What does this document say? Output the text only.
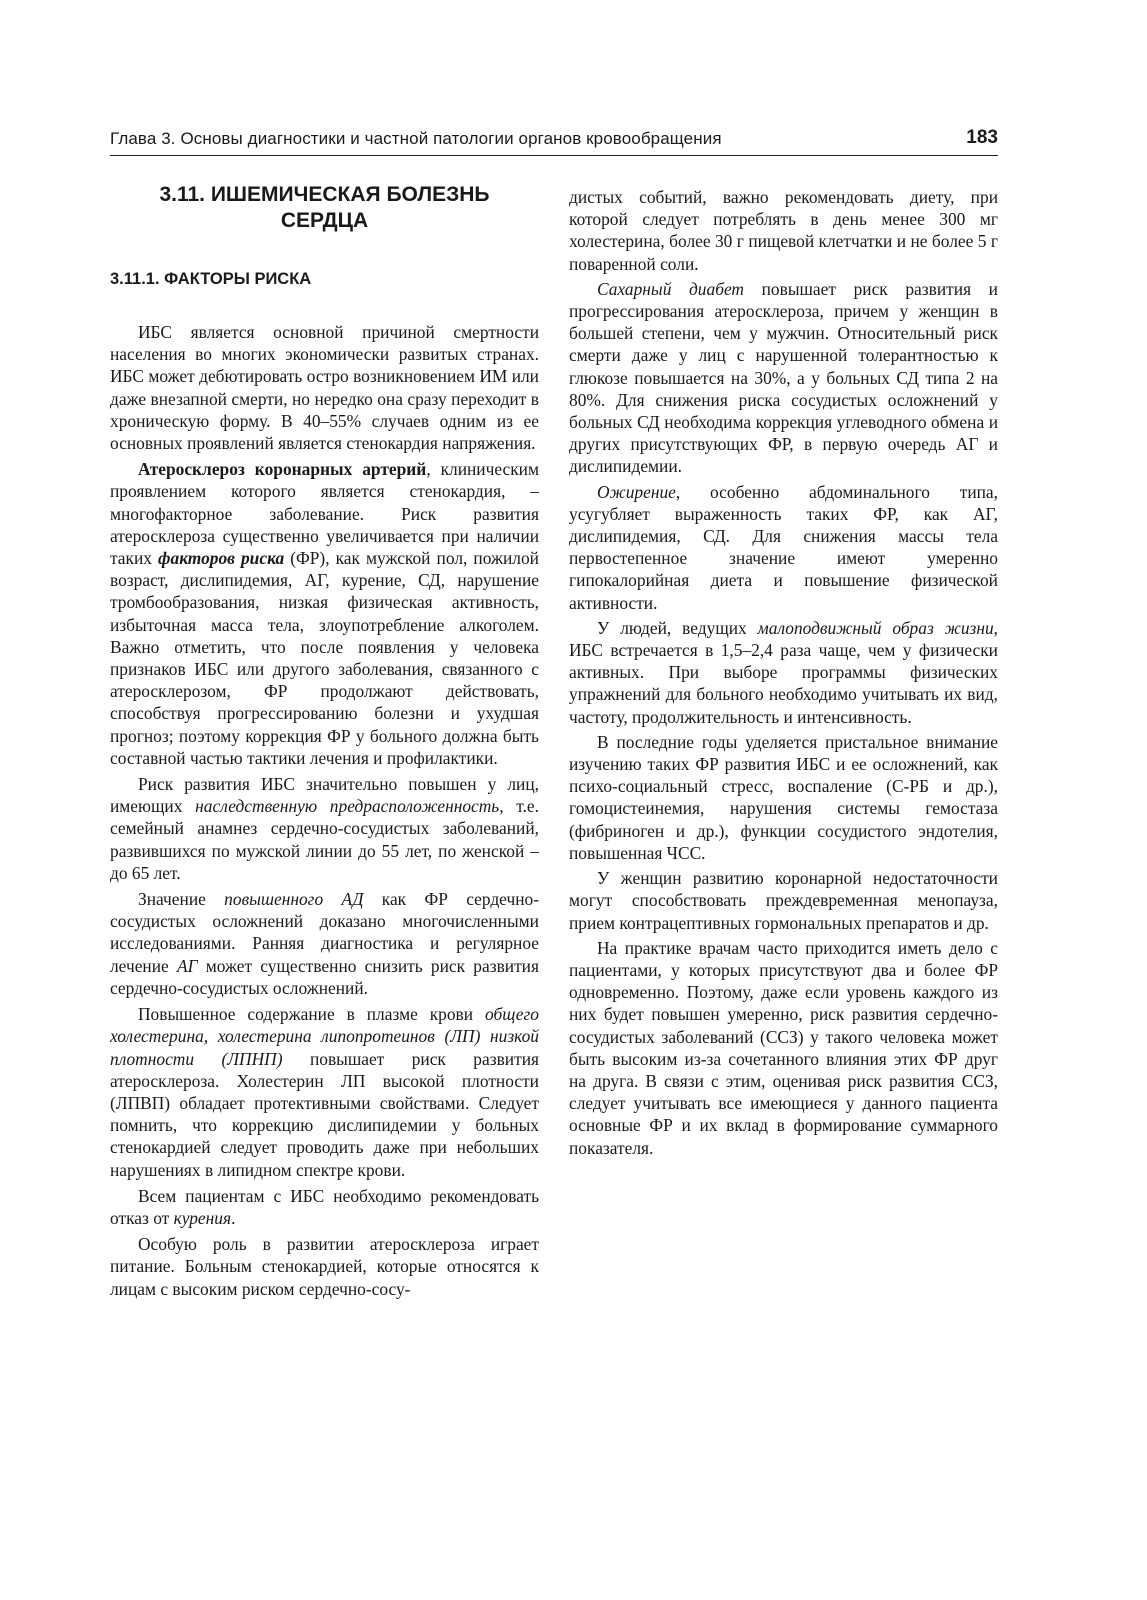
Глава 3. Основы диагностики и частной патологии органов кровообращения	183
3.11. ИШЕМИЧЕСКАЯ БОЛЕЗНЬ СЕРДЦА
3.11.1. ФАКТОРЫ РИСКА

ИБС является основной причиной смертности населения во многих экономически развитых странах. ИБС может дебютировать остро возникновением ИМ или даже внезапной смерти, но нередко она сразу переходит в хроническую форму. В 40–55% случаев одним из ее основных проявлений является стенокардия напряжения.

Атеросклероз коронарных артерий, клиническим проявлением которого является стенокардия, – многофакторное заболевание. Риск развития атеросклероза существенно увеличивается при наличии таких факторов риска (ФР), как мужской пол, пожилой возраст, дислипидемия, АГ, курение, СД, нарушение тромбообразования, низкая физическая активность, избыточная масса тела, злоупотребление алкоголем. Важно отметить, что после появления у человека признаков ИБС или другого заболевания, связанного с атеросклерозом, ФР продолжают действовать, способствуя прогрессированию болезни и ухудшая прогноз; поэтому коррекция ФР у больного должна быть составной частью тактики лечения и профилактики.

Риск развития ИБС значительно повышен у лиц, имеющих наследственную предрасположенность, т.е. семейный анамнез сердечно-сосудистых заболеваний, развившихся по мужской линии до 55 лет, по женской – до 65 лет.

Значение повышенного АД как ФР сердечно-сосудистых осложнений доказано многочисленными исследованиями. Ранняя диагностика и регулярное лечение АГ может существенно снизить риск развития сердечно-сосудистых осложнений.

Повышенное содержание в плазме крови общего холестерина, холестерина липопротеинов (ЛП) низкой плотности (ЛПНП) повышает риск развития атеросклероза. Холестерин ЛП высокой плотности (ЛПВП) обладает протективными свойствами. Следует помнить, что коррекцию дислипидемии у больных стенокардией следует проводить даже при небольших нарушениях в липидном спектре крови.

Всем пациентам с ИБС необходимо рекомендовать отказ от курения.

Особую роль в развитии атеросклероза играет питание. Больным стенокардией, которые относятся к лицам с высоким риском сердечно-сосу-

дистых событий, важно рекомендовать диету, при которой следует потреблять в день менее 300 мг холестерина, более 30 г пищевой клетчатки и не более 5 г поваренной соли.

Сахарный диабет повышает риск развития и прогрессирования атеросклероза, причем у женщин в большей степени, чем у мужчин. Относительный риск смерти даже у лиц с нарушенной толерантностью к глюкозе повышается на 30%, а у больных СД типа 2 на 80%. Для снижения риска сосудистых осложнений у больных СД необходима коррекция углеводного обмена и других присутствующих ФР, в первую очередь АГ и дислипидемии.

Ожирение, особенно абдоминального типа, усугубляет выраженность таких ФР, как АГ, дислипидемия, СД. Для снижения массы тела первостепенное значение имеют умеренно гипокалорийная диета и повышение физической активности.

У людей, ведущих малоподвижный образ жизни, ИБС встречается в 1,5–2,4 раза чаще, чем у физически активных. При выборе программы физических упражнений для больного необходимо учитывать их вид, частоту, продолжительность и интенсивность.

В последние годы уделяется пристальное внимание изучению таких ФР развития ИБС и ее осложнений, как психо-социальный стресс, воспаление (С-РБ и др.), гомоцистеинемия, нарушения системы гемостаза (фибриноген и др.), функции сосудистого эндотелия, повышенная ЧСС.

У женщин развитию коронарной недостаточности могут способствовать преждевременная менопауза, прием контрацептивных гормональных препаратов и др.

На практике врачам часто приходится иметь дело с пациентами, у которых присутствуют два и более ФР одновременно. Поэтому, даже если уровень каждого из них будет повышен умеренно, риск развития сердечно-сосудистых заболеваний (ССЗ) у такого человека может быть высоким из-за сочетанного влияния этих ФР друг на друга. В связи с этим, оценивая риск развития ССЗ, следует учитывать все имеющиеся у данного пациента основные ФР и их вклад в формирование суммарного показателя.
